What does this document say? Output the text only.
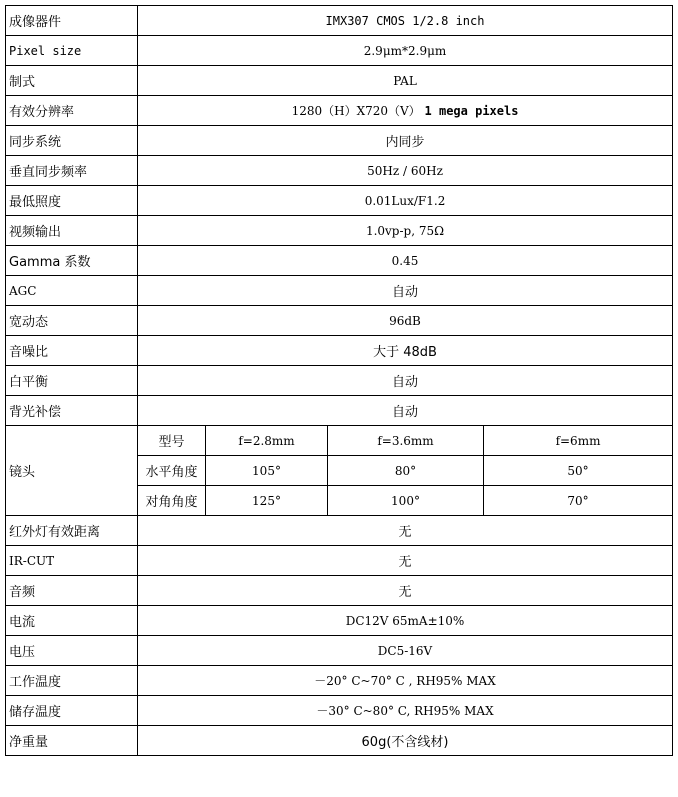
成像器件	IMX307 CMOS 1/2.8 inch			
Pixel size	2.9μm*2.9μm			
制式	PAL			
有效分辨率	1280（H）X720（V） 1 mega pixels			
同步系统	内同步			
垂直同步频率	50Hz / 60Hz			
最低照度	0.01Lux/F1.2			
视频输出	1.0vp-p, 75Ω			
Gamma 系数	0.45			
AGC	自动			
宽动态	96dB			
音噪比	大于 48dB			
白平衡	自动			
背光补偿	自动			
镜头	型号	f=2.8mm	f=3.6mm	f=6mm
	水平角度	105°	80°	50°
	对角角度	125°	100°	70°
红外灯有效距离	无			
IR-CUT	无			
音频	无			
电流	DC12V 65mA±10%			
电压	DC5-16V			
工作温度	－20° C~70° C , RH95% MAX			
储存温度	－30° C~80° C, RH95% MAX			
净重量	60g(不含线材)			
